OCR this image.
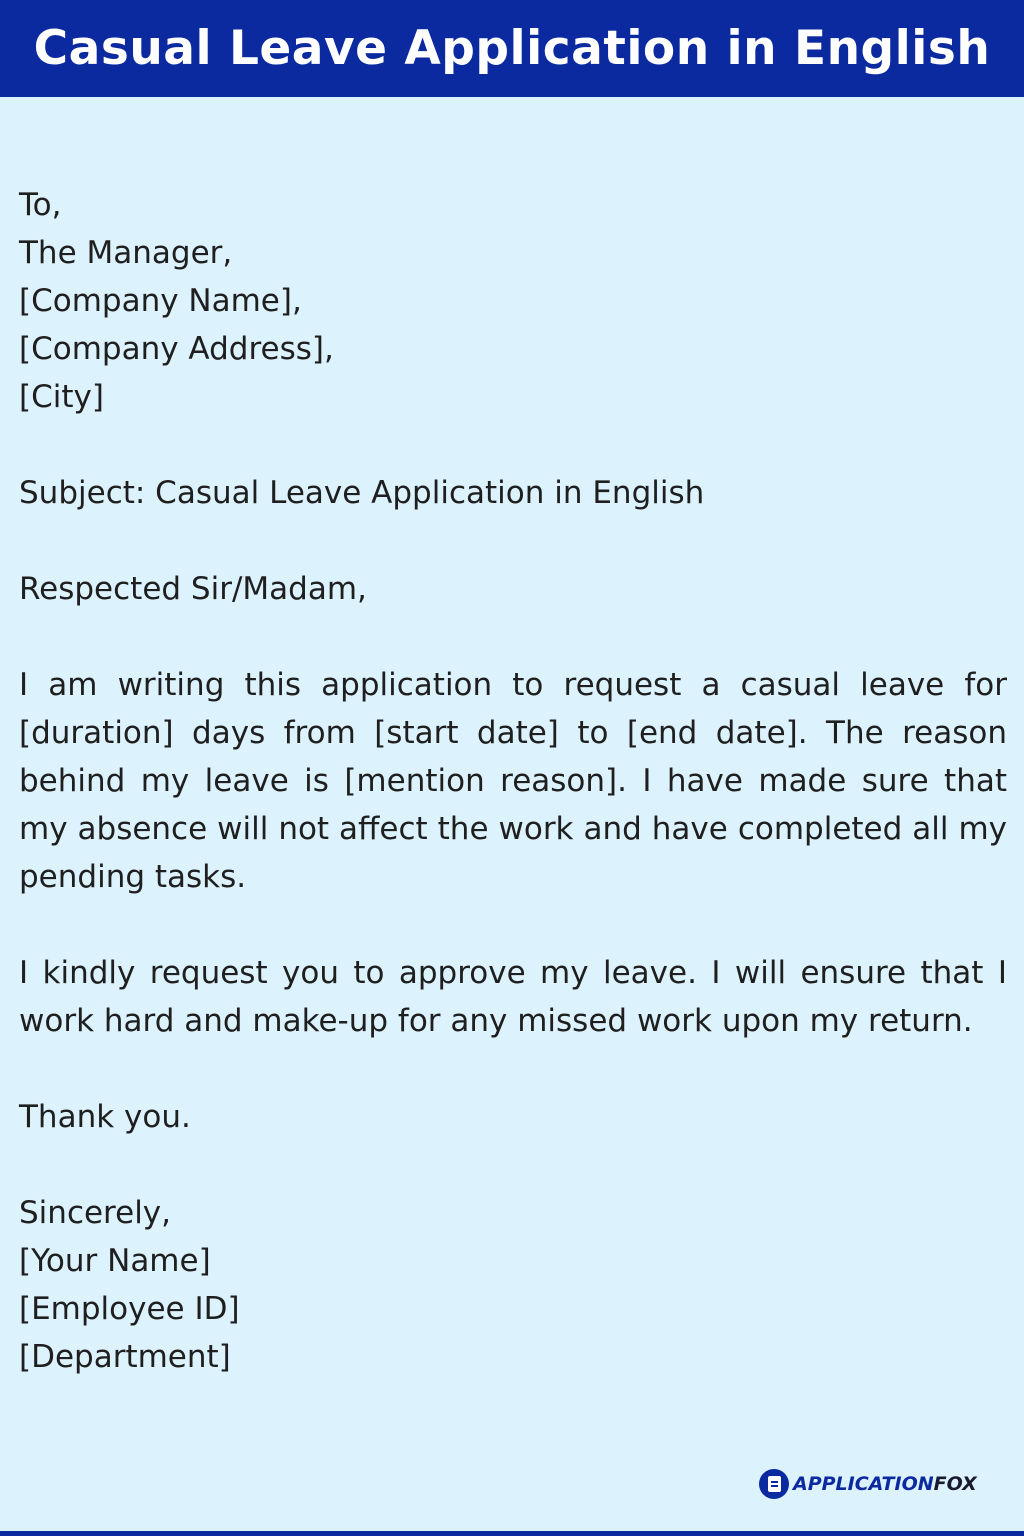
Casual Leave Application in English
To,
The Manager,
[Company Name],
[Company Address],
[City]
Subject: Casual Leave Application in English
Respected Sir/Madam,
I am writing this application to request a casual leave for [duration] days from [start date] to [end date]. The reason behind my leave is [mention reason]. I have made sure that my absence will not affect the work and have completed all my pending tasks.
I kindly request you to approve my leave. I will ensure that I work hard and make-up for any missed work upon my return.
Thank you.
Sincerely,
[Your Name]
[Employee ID]
[Department]
APPLICATIONFOX
